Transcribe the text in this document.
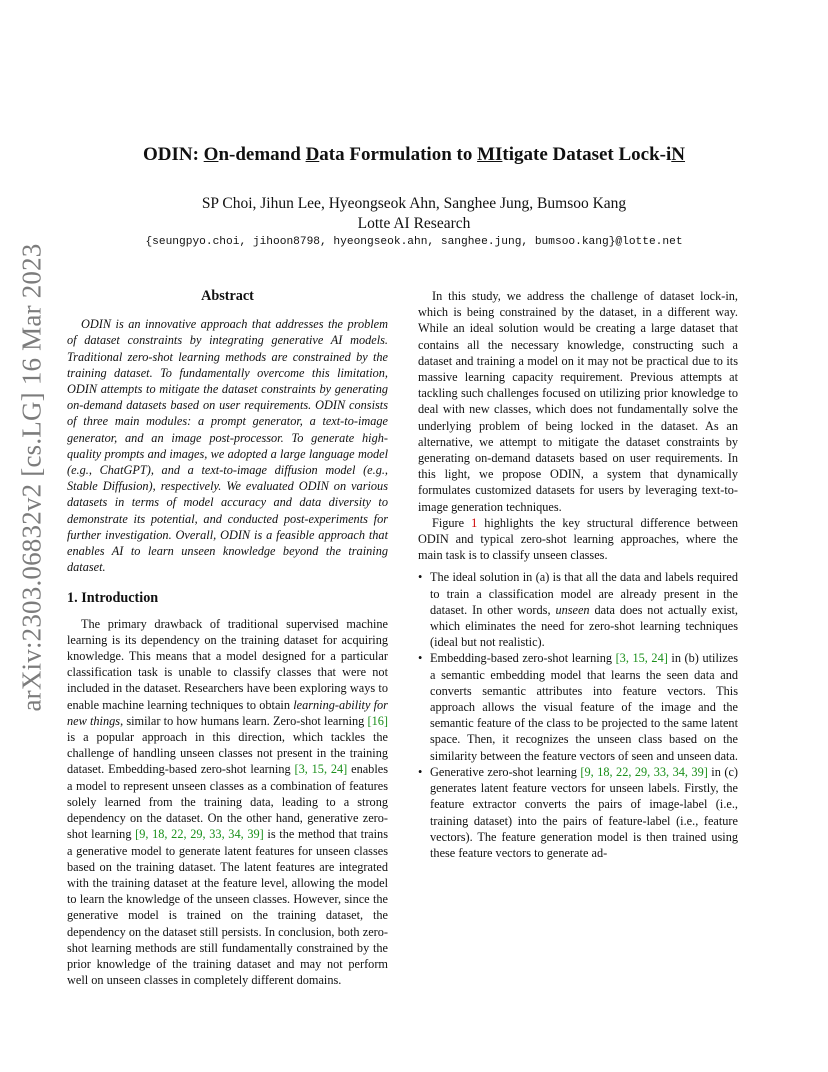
arXiv:2303.06832v2 [cs.LG] 16 Mar 2023
ODIN: On-demand Data Formulation to MItigate Dataset Lock-iN
SP Choi, Jihun Lee, Hyeongseok Ahn, Sanghee Jung, Bumsoo Kang
Lotte AI Research
{seungpyo.choi, jihoon8798, hyeongseok.ahn, sanghee.jung, bumsoo.kang}@lotte.net
Abstract

ODIN is an innovative approach that addresses the problem of dataset constraints by integrating generative AI models. Traditional zero-shot learning methods are constrained by the training dataset. To fundamentally overcome this limitation, ODIN attempts to mitigate the dataset constraints by generating on-demand datasets based on user requirements. ODIN consists of three main modules: a prompt generator, a text-to-image generator, and an image post-processor. To generate high-quality prompts and images, we adopted a large language model (e.g., ChatGPT), and a text-to-image diffusion model (e.g., Stable Diffusion), respectively. We evaluated ODIN on various datasets in terms of model accuracy and data diversity to demonstrate its potential, and conducted post-experiments for further investigation. Overall, ODIN is a feasible approach that enables AI to learn unseen knowledge beyond the training dataset.

1. Introduction

The primary drawback of traditional supervised machine learning is its dependency on the training dataset for acquiring knowledge. This means that a model designed for a particular classification task is unable to classify classes that were not included in the dataset. Researchers have been exploring ways to enable machine learning techniques to obtain learning-ability for new things, similar to how humans learn. Zero-shot learning [16] is a popular approach in this direction, which tackles the challenge of handling unseen classes not present in the training dataset. Embedding-based zero-shot learning [3, 15, 24] enables a model to represent unseen classes as a combination of features solely learned from the training data, leading to a strong dependency on the dataset. On the other hand, generative zero-shot learning [9, 18, 22, 29, 33, 34, 39] is the method that trains a generative model to generate latent features for unseen classes based on the training dataset. The latent features are integrated with the training dataset at the feature level, allowing the model to learn the knowledge of the unseen classes. However, since the generative model is trained on the training dataset, the dependency on the dataset still persists. In conclusion, both zero-shot learning methods are still fundamentally constrained by the prior knowledge of the training dataset and may not perform well on unseen classes in completely different domains.

In this study, we address the challenge of dataset lock-in, which is being constrained by the dataset, in a different way. While an ideal solution would be creating a large dataset that contains all the necessary knowledge, constructing such a dataset and training a model on it may not be practical due to its massive learning capacity requirement. Previous attempts at tackling such challenges focused on utilizing prior knowledge to deal with new classes, which does not fundamentally solve the underlying problem of being locked in the dataset. As an alternative, we attempt to mitigate the dataset constraints by generating on-demand datasets based on user requirements. In this light, we propose ODIN, a system that dynamically formulates customized datasets for users by leveraging text-to-image generation techniques.

Figure 1 highlights the key structural difference between ODIN and typical zero-shot learning approaches, where the main task is to classify unseen classes.

• The ideal solution in (a) is that all the data and labels required to train a classification model are already present in the dataset. In other words, unseen data does not actually exist, which eliminates the need for zero-shot learning techniques (ideal but not realistic).
• Embedding-based zero-shot learning [3, 15, 24] in (b) utilizes a semantic embedding model that learns the seen data and converts semantic attributes into feature vectors. This approach allows the visual feature of the image and the semantic feature of the class to be projected to the same latent space. Then, it recognizes the unseen class based on the similarity between the feature vectors of seen and unseen data.
• Generative zero-shot learning [9, 18, 22, 29, 33, 34, 39] in (c) generates latent feature vectors for unseen labels. Firstly, the feature extractor converts the pairs of image-label (i.e., training dataset) into the pairs of feature-label (i.e., feature vectors). The feature generation model is then trained using these feature vectors to generate ad-
